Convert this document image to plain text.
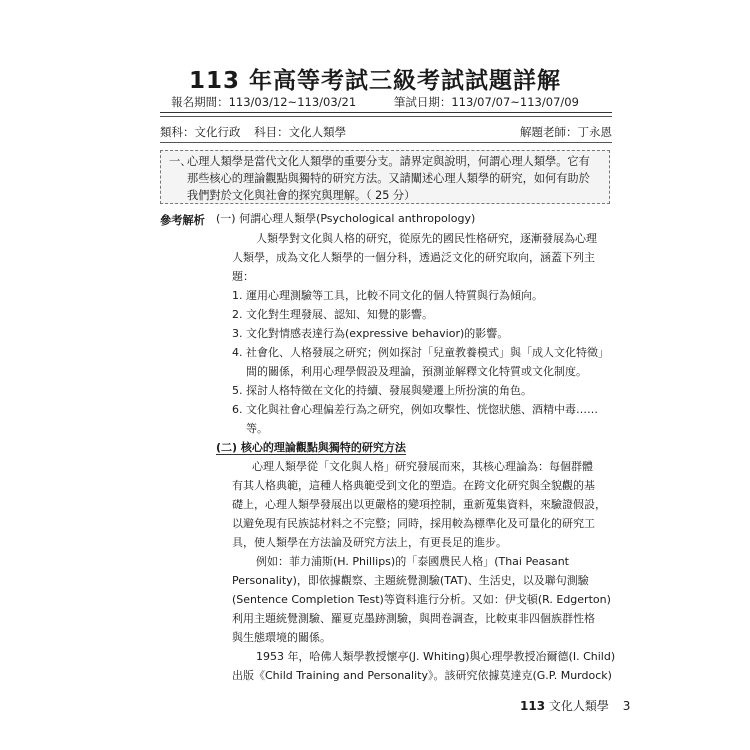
113 年高等考試三級考試試題詳解
報名期間：113/03/12~113/03/21	筆試日期：113/07/07~113/07/09
類科：文化行政 科目：文化人類學	解題老師：丁永恩
一、
心理人類學是當代文化人類學的重要分支。請界定與說明，何謂心理人類學。它有
那些核心的理論觀點與獨特的研究方法。又請闡述心理人類學的研究，如何有助於
我們對於文化與社會的探究與理解。（ 25 分）
參考解析 (一) 何謂心理人類學(Psychological anthropology)
人類學對文化與人格的研究，從原先的國民性格研究，逐漸發展為心理
人類學，成為文化人類學的一個分科，透過泛文化的研究取向，涵蓋下列主
題：
1. 運用心理測驗等工具，比較不同文化的個人特質與行為傾向。
2. 文化對生理發展、認知、知覺的影響。
3. 文化對情感表達行為(expressive behavior)的影響。
4. 社會化、人格發展之研究；例如探討「兒童教養模式」與「成人文化特徵」
間的關係，利用心理學假設及理論，預測並解釋文化特質或文化制度。
5. 探討人格特徵在文化的持續、發展與變遷上所扮演的角色。
6. 文化與社會心理偏差行為之研究，例如攻擊性、恍惚狀態、酒精中毒……
等。
(二) 核心的理論觀點與獨特的研究方法
心理人類學從「文化與人格」研究發展而來，其核心理論為：每個群體
有其人格典範，這種人格典範受到文化的塑造。在跨文化研究與全貌觀的基
礎上，心理人類學發展出以更嚴格的變項控制，重新蒐集資料，來驗證假設，
以避免現有民族誌材料之不完整；同時，採用較為標準化及可量化的研究工
具，使人類學在方法論及研究方法上，有更長足的進步。
例如：菲力浦斯(H. Phillips)的「泰國農民人格」(Thai Peasant
Personality)，即依據觀察、主題統覺測驗(TAT)、生活史，以及聯句測驗
(Sentence Completion Test)等資料進行分析。又如：伊戈頓(R. Edgerton)
利用主題統覺測驗、羅夏克墨跡測驗，與問卷調查，比較東非四個族群性格
與生態環境的關係。
1953 年，哈佛人類學教授懷亭(J. Whiting)與心理學教授冶爾德(I. Child)
出版《Child Training and Personality》。該研究依據莫達克(G.P. Murdock)
113 文化人類學 3
